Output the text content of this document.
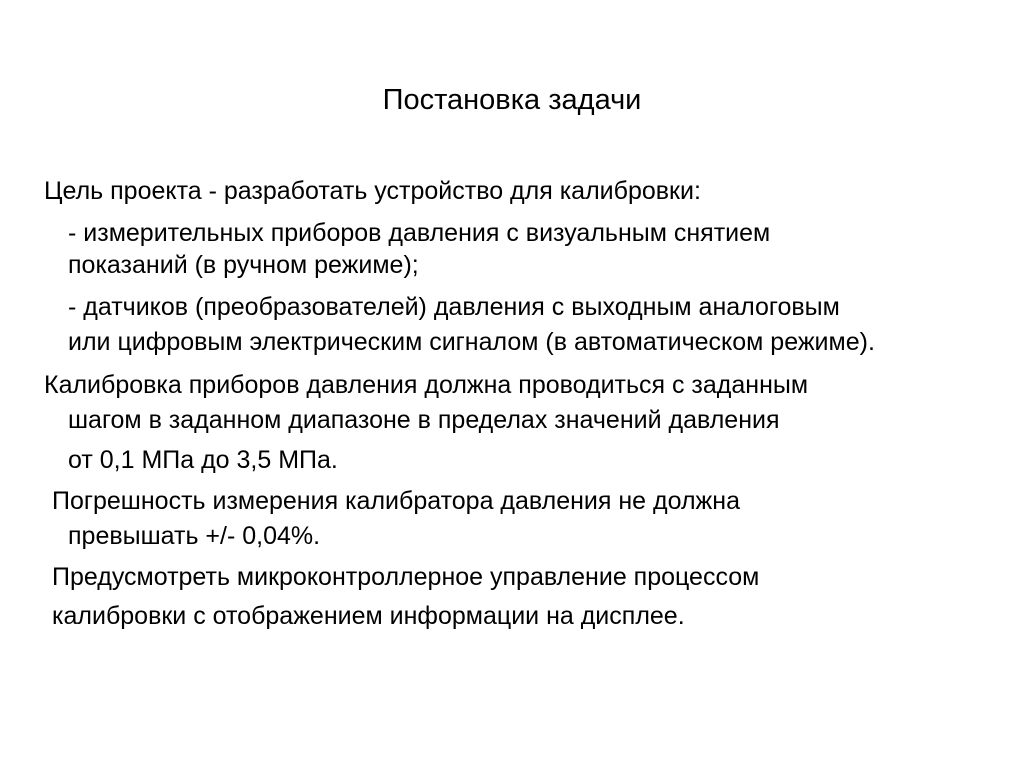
Постановка задачи
Цель проекта - разработать устройство для калибровки:
- измерительных приборов давления с визуальным снятием
показаний (в ручном режиме);
- датчиков (преобразователей) давления с выходным аналоговым
или цифровым электрическим сигналом (в автоматическом режиме).
Калибровка приборов давления должна проводиться с заданным
шагом в заданном диапазоне в пределах значений давления
от 0,1 МПа до 3,5 МПа.
Погрешность измерения калибратора давления не должна
превышать +/- 0,04%.
Предусмотреть микроконтроллерное управление процессом
калибровки с отображением информации на дисплее.
